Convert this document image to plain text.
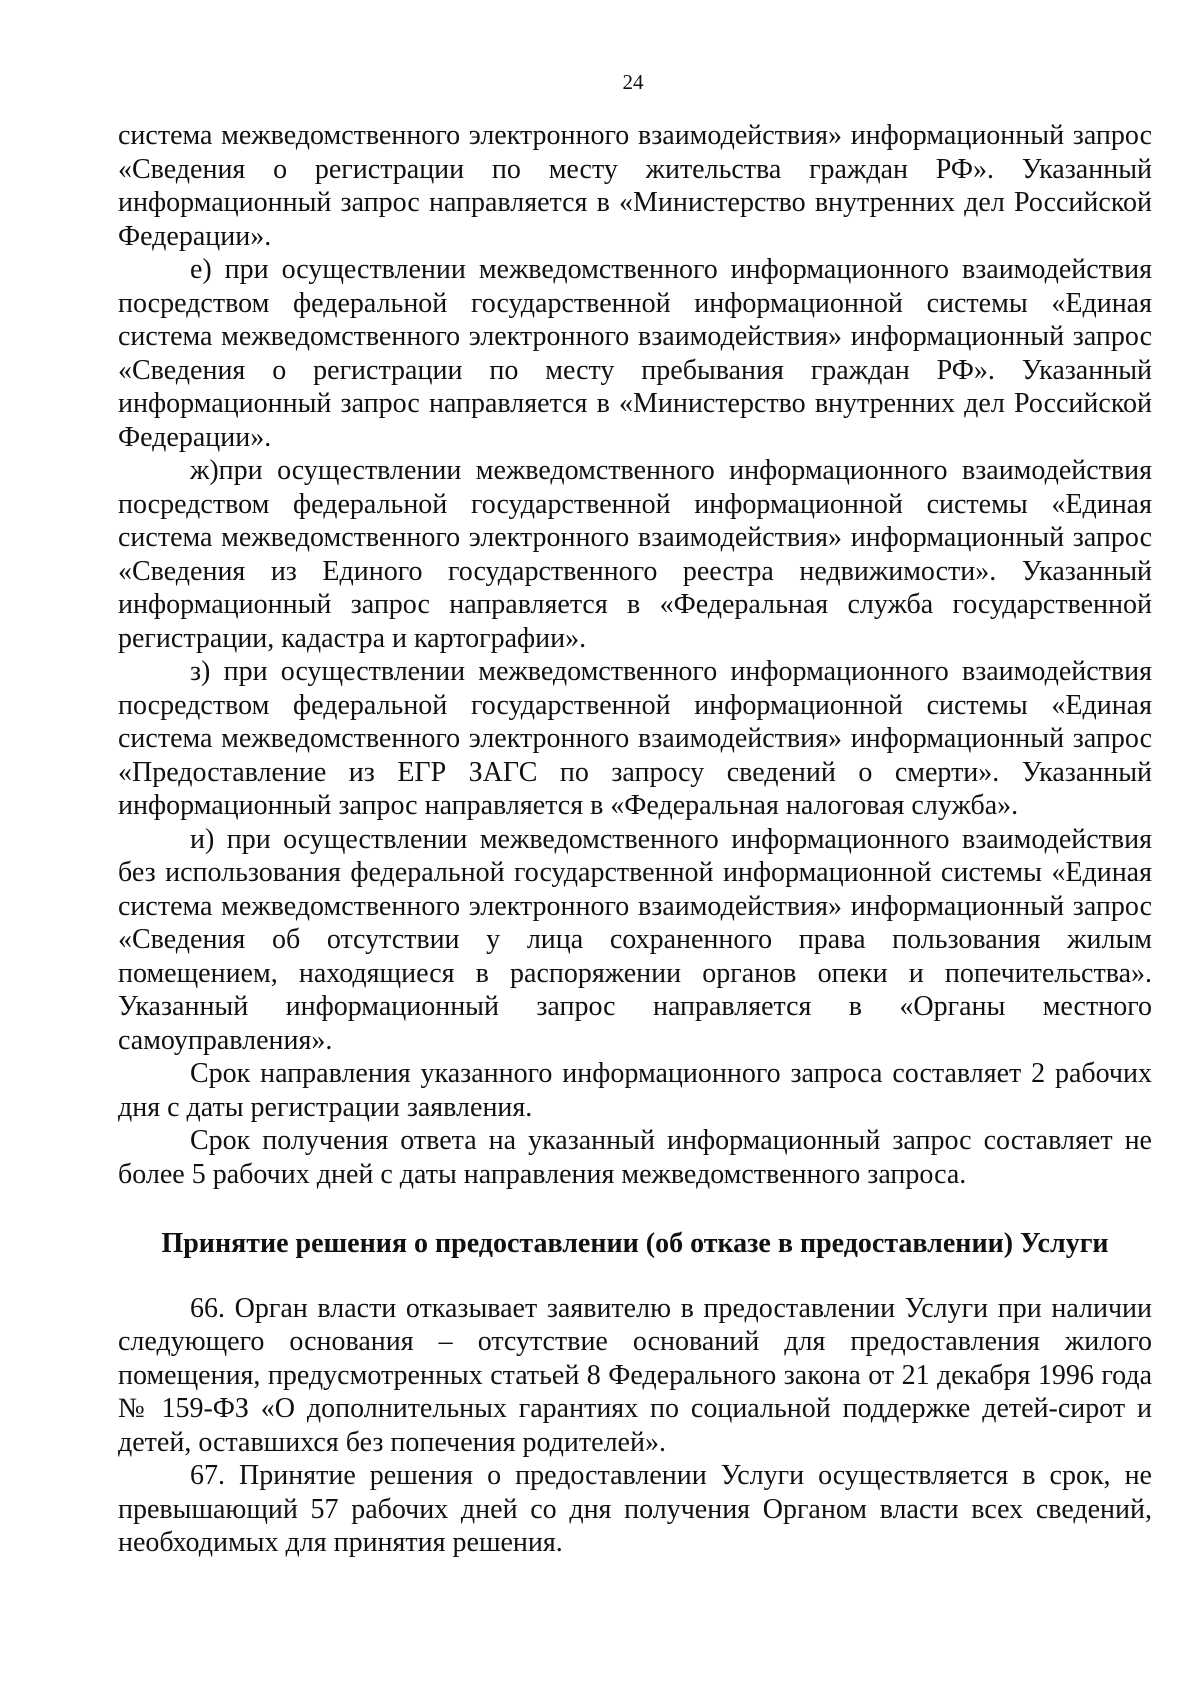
24

система межведомственного электронного взаимодействия» информационный запрос «Сведения о регистрации по месту жительства граждан РФ». Указанный информационный запрос направляется в «Министерство внутренних дел Российской Федерации».

е) при осуществлении межведомственного информационного взаимодействия посредством федеральной государственной информационной системы «Единая система межведомственного электронного взаимодействия» информационный запрос «Сведения о регистрации по месту пребывания граждан РФ». Указанный информационный запрос направляется в «Министерство внутренних дел Российской Федерации».

ж)при осуществлении межведомственного информационного взаимодействия посредством федеральной государственной информационной системы «Единая система межведомственного электронного взаимодействия» информационный запрос «Сведения из Единого государственного реестра недвижимости». Указанный информационный запрос направляется в «Федеральная служба государственной регистрации, кадастра и картографии».

з) при осуществлении межведомственного информационного взаимодействия посредством федеральной государственной информационной системы «Единая система межведомственного электронного взаимодействия» информационный запрос «Предоставление из ЕГР ЗАГС по запросу сведений о смерти». Указанный информационный запрос направляется в «Федеральная налоговая служба».

и) при осуществлении межведомственного информационного взаимодействия без использования федеральной государственной информационной системы «Единая система межведомственного электронного взаимодействия» информационный запрос «Сведения об отсутствии у лица сохраненного права пользования жилым помещением, находящиеся в распоряжении органов опеки и попечительства». Указанный информационный запрос направляется в «Органы местного самоуправления».

Срок направления указанного информационного запроса составляет 2 рабочих дня с даты регистрации заявления.

Срок получения ответа на указанный информационный запрос составляет не более 5 рабочих дней с даты направления межведомственного запроса.

Принятие решения о предоставлении (об отказе в предоставлении) Услуги

66. Орган власти отказывает заявителю в предоставлении Услуги при наличии следующего основания – отсутствие оснований для предоставления жилого помещения, предусмотренных статьей 8 Федерального закона от 21 декабря 1996 года № 159-ФЗ «О дополнительных гарантиях по социальной поддержке детей-сирот и детей, оставшихся без попечения родителей».

67. Принятие решения о предоставлении Услуги осуществляется в срок, не превышающий 57 рабочих дней со дня получения Органом власти всех сведений, необходимых для принятия решения.
